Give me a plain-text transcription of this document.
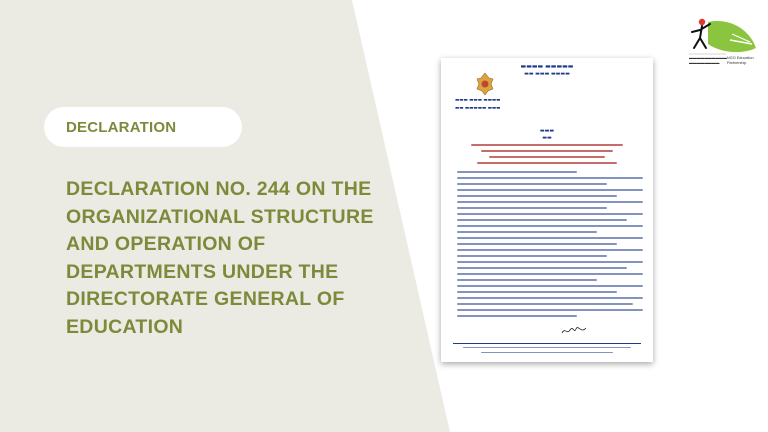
DECLARATION
DECLARATION NO. 244 ON THE ORGANIZATIONAL STRUCTURE AND OPERATION OF DEPARTMENTS UNDER THE DIRECTORATE GENERAL OF EDUCATION
▬▬▬▬ ▬▬▬▬▬
▬▬ ▬▬▬ ▬▬▬▬
▬▬▬ ▬▬▬ ▬▬▬▬
▬▬ ▬▬▬▬▬ ▬▬▬
▬▬▬
▬▬
▬▬▬▬▬▬▬▬▬▬
▬▬▬▬▬▬▬▬
NGO Education
Partnership
